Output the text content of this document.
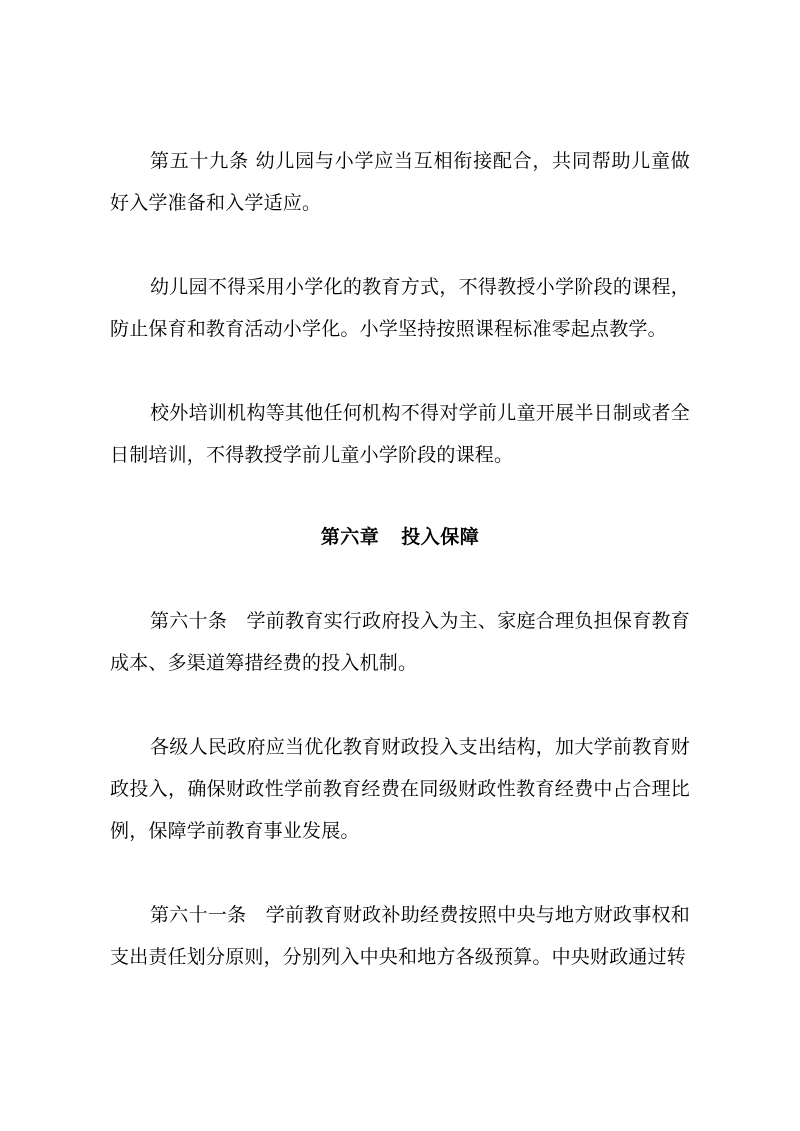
第五十九条 幼儿园与小学应当互相衔接配合，共同帮助儿童做好入学准备和入学适应。

幼儿园不得采用小学化的教育方式，不得教授小学阶段的课程，防止保育和教育活动小学化。小学坚持按照课程标准零起点教学。

校外培训机构等其他任何机构不得对学前儿童开展半日制或者全日制培训，不得教授学前儿童小学阶段的课程。

第六章 投入保障

第六十条　学前教育实行政府投入为主、家庭合理负担保育教育成本、多渠道筹措经费的投入机制。

各级人民政府应当优化教育财政投入支出结构，加大学前教育财政投入，确保财政性学前教育经费在同级财政性教育经费中占合理比例，保障学前教育事业发展。

第六十一条　学前教育财政补助经费按照中央与地方财政事权和支出责任划分原则，分别列入中央和地方各级预算。中央财政通过转
